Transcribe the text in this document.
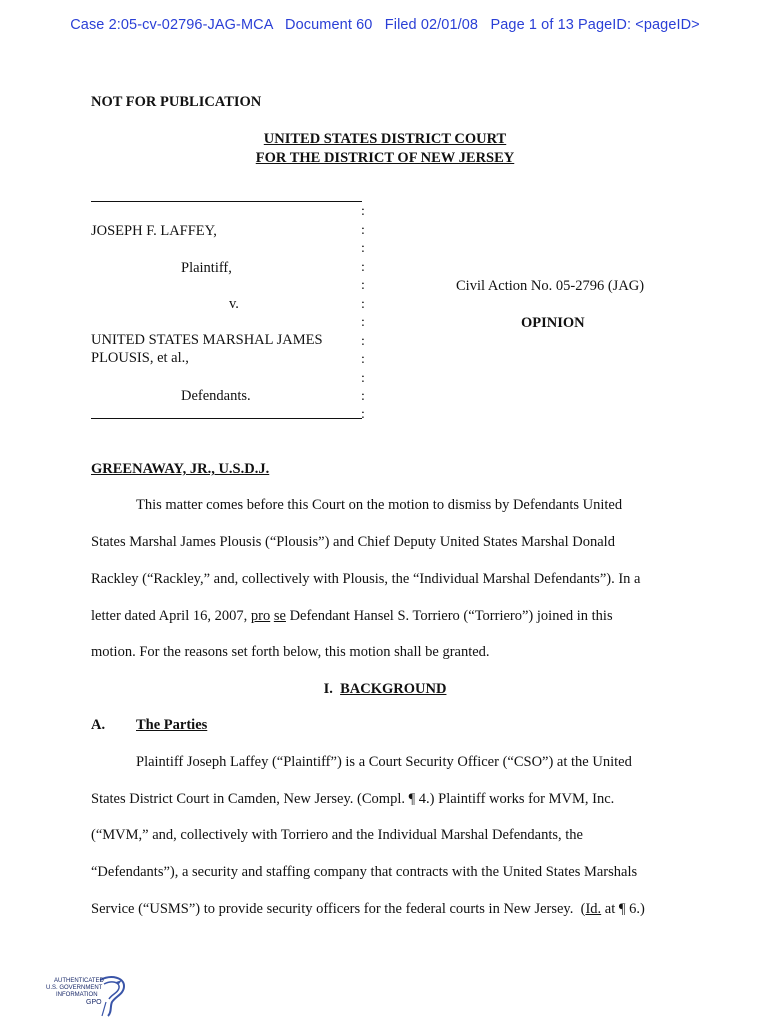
Case 2:05-cv-02796-JAG-MCA   Document 60   Filed 02/01/08   Page 1 of 13 PageID: <pageID>
NOT FOR PUBLICATION
UNITED STATES DISTRICT COURT
FOR THE DISTRICT OF NEW JERSEY
:
:
:
:
:
:
:
:
:
:
:
:
JOSEPH F. LAFFEY,
Plaintiff,
v.
UNITED STATES MARSHAL JAMES
PLOUSIS, et al.,
Defendants.
Civil Action No. 05-2796 (JAG)
OPINION
GREENAWAY, JR., U.S.D.J.
This matter comes before this Court on the motion to dismiss by Defendants United
States Marshal James Plousis (“Plousis”) and Chief Deputy United States Marshal Donald
Rackley (“Rackley,” and, collectively with Plousis, the “Individual Marshal Defendants”). In a
letter dated April 16, 2007, pro se Defendant Hansel S. Torriero (“Torriero”) joined in this
motion. For the reasons set forth below, this motion shall be granted.
I.  BACKGROUND
A. The Parties
Plaintiff Joseph Laffey (“Plaintiff”) is a Court Security Officer (“CSO”) at the United
States District Court in Camden, New Jersey. (Compl. ¶ 4.) Plaintiff works for MVM, Inc.
(“MVM,” and, collectively with Torriero and the Individual Marshal Defendants, the
“Defendants”), a security and staffing company that contracts with the United States Marshals
Service (“USMS”) to provide security officers for the federal courts in New Jersey.  (Id. at ¶ 6.)
AUTHENTICATED
U.S. GOVERNMENT
INFORMATION
GPO
